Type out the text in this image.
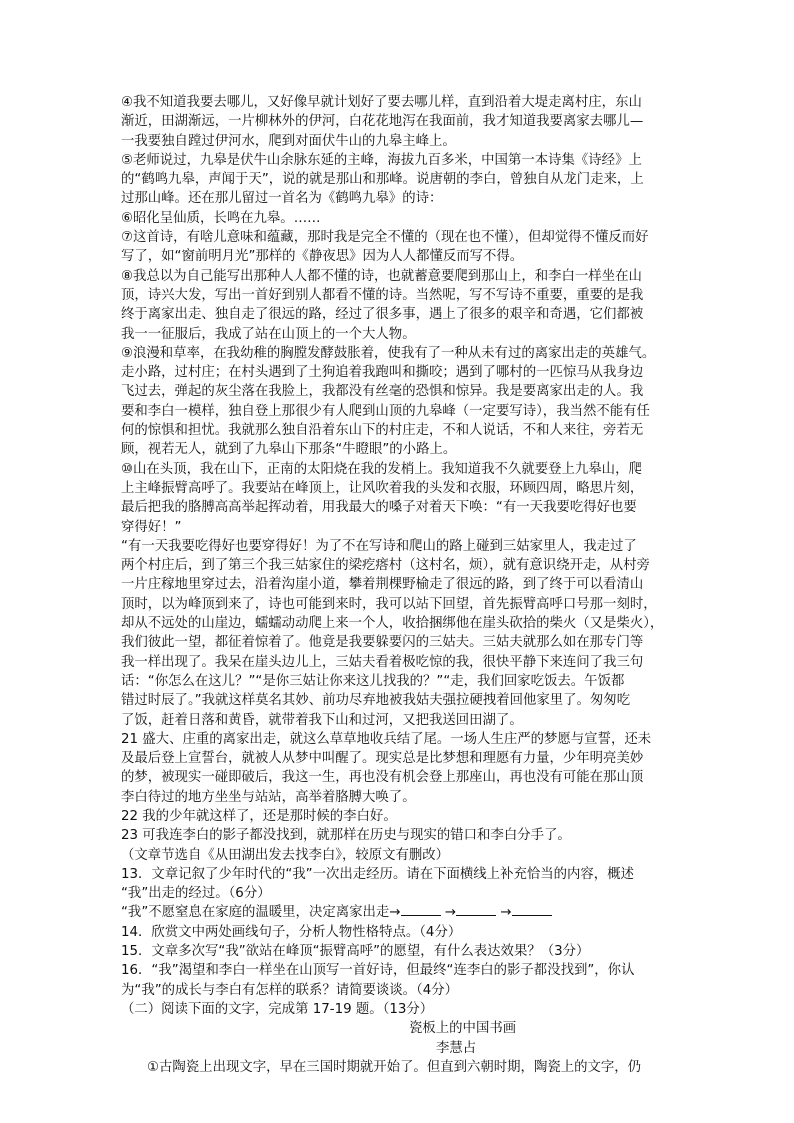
④我不知道我要去哪儿，又好像早就计划好了要去哪儿样，直到沿着大堤走离村庄，东山
渐近，田湖渐远，一片柳林外的伊河，白花花地泻在我面前，我才知道我要离家去哪儿—
一我要独自蹚过伊河水，爬到对面伏牛山的九皋主峰上。
⑤老师说过，九皋是伏牛山余脉东延的主峰，海拔九百多米，中国第一本诗集《诗经》上
的“鹤鸣九皋，声闻于天”，说的就是那山和那峰。说唐朝的李白，曾独自从龙门走来，上
过那山峰。还在那儿留过一首名为《鹤鸣九皋》的诗：
⑥昭化呈仙质，长鸣在九皋。……
⑦这首诗，有啥儿意味和蕴藏，那时我是完全不懂的（现在也不懂），但却觉得不懂反而好
写了，如“窗前明月光”那样的《静夜思》因为人人都懂反而写不得。
⑧我总以为自己能写出那种人人都不懂的诗，也就蓄意要爬到那山上，和李白一样坐在山
顶，诗兴大发，写出一首好到别人都看不懂的诗。当然呢，写不写诗不重要，重要的是我
终于离家出走、独自走了很远的路，经过了很多事，遇上了很多的艰辛和奇遇，它们都被
我一一征服后，我成了站在山顶上的一个大人物。
⑨浪漫和草率，在我幼稚的胸膛发酵鼓胀着，使我有了一种从未有过的离家出走的英雄气。
走小路，过村庄；在村头遇到了土狗追着我跑叫和撕咬；遇到了哪村的一匹惊马从我身边
飞过去，弹起的灰尘落在我脸上，我都没有丝毫的恐惧和惊异。我是要离家出走的人。我
要和李白一模样，独自登上那很少有人爬到山顶的九皋峰（一定要写诗），我当然不能有任
何的惊惧和担忧。我就那么独自沿着东山下的村庄走，不和人说话，不和人来往，旁若无
顾，视若无人，就到了九皋山下那条“牛瞪眼”的小路上。
⑩山在头顶，我在山下，正南的太阳烧在我的发梢上。我知道我不久就要登上九皋山，爬
上主峰振臂高呼了。我要站在峰顶上，让风吹着我的头发和衣服，环顾四周，略思片刻，
最后把我的胳膊高高举起挥动着，用我最大的嗓子对着天下唤：“有一天我要吃得好也要
穿得好！”
“有一天我要吃得好也要穿得好！为了不在写诗和爬山的路上碰到三姑家里人，我走过了
两个村庄后，到了第三个我三姑家住的梁疙瘩村（这村名，烦），就有意识绕开走，从村旁
一片庄稼地里穿过去，沿着沟崖小道，攀着荆棵野榆走了很远的路，到了终于可以看清山
顶时，以为峰顶到来了，诗也可能到来时，我可以站下回望，首先振臂高呼口号那一刻时，
却从不远处的山崖边，蠕蠕动动爬上来一个人，收拾捆绑他在崖头砍拾的柴火（又是柴火），
我们彼此一望，都征着惊着了。他竟是我要躲要闪的三姑夫。三姑夫就那么如在那专门等
我一样出现了。我呆在崖头边儿上，三姑夫看着极吃惊的我，很快平静下来连问了我三句
话：“你怎么在这儿？”“是你三姑让你来这儿找我的？”“走，我们回家吃饭去。午饭都
错过时辰了。”我就这样莫名其妙、前功尽弃地被我姑夫强拉硬拽着回他家里了。匆匆吃
了饭，赶着日落和黄昏，就带着我下山和过河，又把我送回田湖了。
21 盛大、庄重的离家出走，就这么草草地收兵结了尾。一场人生庄严的梦愿与宣誓，还未
及最后登上宣誓台，就被人从梦中叫醒了。现实总是比梦想和理愿有力量，少年明亮美妙
的梦，被现实一碰即破后，我这一生，再也没有机会登上那座山，再也没有可能在那山顶
李白待过的地方坐坐与站站，高举着胳膊大唤了。
22 我的少年就这样了，还是那时候的李白好。
23 可我连李白的影子都没找到，就那样在历史与现实的错口和李白分手了。
（文章节选自《从田湖出发去找李白》，较原文有删改）
13．文章记叙了少年时代的“我”一次出走经历。请在下面横线上补充恰当的内容，概述
“我”出走的经过。（6分）
“我”不愿窒息在家庭的温暖里，决定离家出走→	→	→
14．欣赏文中两处画线句子，分析人物性格特点。（4分）
15．文章多次写“我”欲站在峰顶“振臂高呼”的愿望，有什么表达效果？（3分）
16．“我”渴望和李白一样坐在山顶写一首好诗，但最终“连李白的影子都没找到”，你认
为“我”的成长与李白有怎样的联系？请简要谈谈。（4分）
（二）阅读下面的文字，完成第 17-19 题。（13分）
瓷板上的中国书画
李慧占
①古陶瓷上出现文字，早在三国时期就开始了。但直到六朝时期，陶瓷上的文字，仍
